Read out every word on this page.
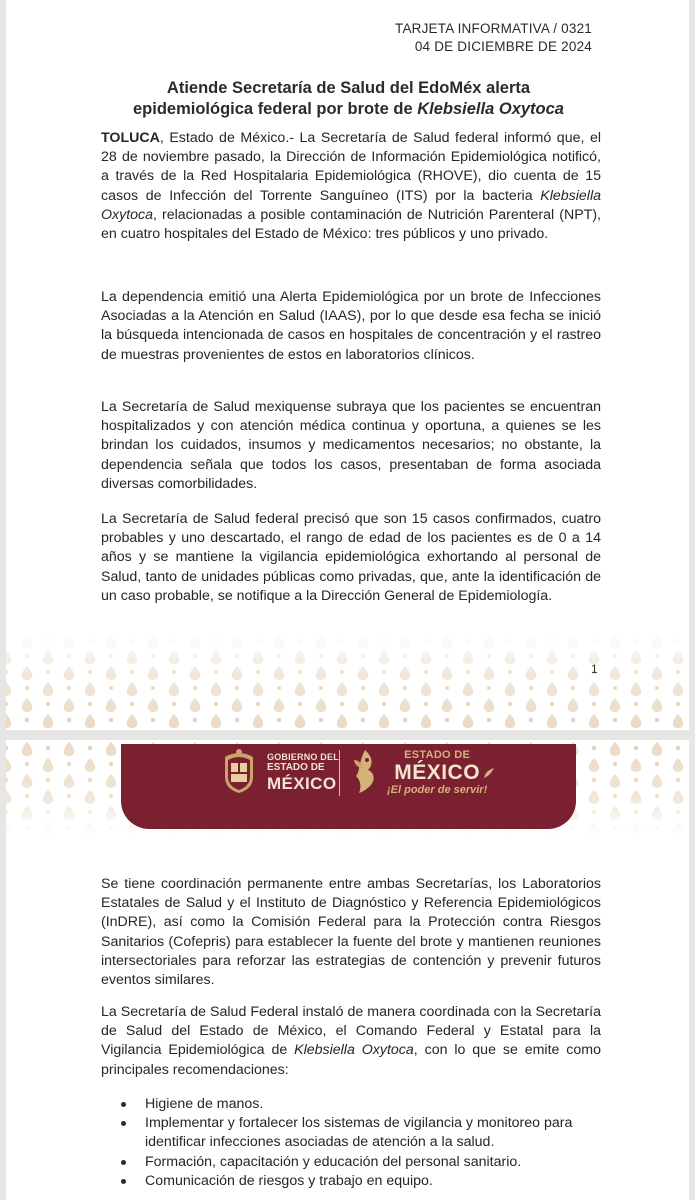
TARJETA INFORMATIVA / 0321
04 DE DICIEMBRE DE 2024
Atiende Secretaría de Salud del EdoMéx alerta
epidemiológica federal por brote de Klebsiella Oxytoca

TOLUCA, Estado de México.- La Secretaría de Salud federal informó que, el 28 de noviembre pasado, la Dirección de Información Epidemiológica notificó, a través de la Red Hospitalaria Epidemiológica (RHOVE), dio cuenta de 15 casos de Infección del Torrente Sanguíneo (ITS) por la bacteria Klebsiella Oxytoca, relacionadas a posible contaminación de Nutrición Parenteral (NPT), en cuatro hospitales del Estado de México: tres públicos y uno privado.

La dependencia emitió una Alerta Epidemiológica por un brote de Infecciones Asociadas a la Atención en Salud (IAAS), por lo que desde esa fecha se inició la búsqueda intencionada de casos en hospitales de concentración y el rastreo de muestras provenientes de estos en laboratorios clínicos.

La Secretaría de Salud mexiquense subraya que los pacientes se encuentran hospitalizados y con atención médica continua y oportuna, a quienes se les brindan los cuidados, insumos y medicamentos necesarios; no obstante, la dependencia señala que todos los casos, presentaban de forma asociada diversas comorbilidades.

La Secretaría de Salud federal precisó que son 15 casos confirmados, cuatro probables y uno descartado, el rango de edad de los pacientes es de 0 a 14 años y se mantiene la vigilancia epidemiológica exhortando al personal de Salud, tanto de unidades públicas como privadas, que, ante la identificación de un caso probable, se notifique a la Dirección General de Epidemiología.

1
GOBIERNO DEL
ESTADO DE
MÉXICO
ESTADO DE
MÉXICO
¡El poder de servir!

Se tiene coordinación permanente entre ambas Secretarías, los Laboratorios Estatales de Salud y el Instituto de Diagnóstico y Referencia Epidemiológicos (InDRE), así como la Comisión Federal para la Protección contra Riesgos Sanitarios (Cofepris) para establecer la fuente del brote y mantienen reuniones intersectoriales para reforzar las estrategias de contención y prevenir futuros eventos similares.

La Secretaría de Salud Federal instaló de manera coordinada con la Secretaría de Salud del Estado de México, el Comando Federal y Estatal para la Vigilancia Epidemiológica de Klebsiella Oxytoca, con lo que se emite como principales recomendaciones:

Higiene de manos.
Implementar y fortalecer los sistemas de vigilancia y monitoreo para identificar infecciones asociadas de atención a la salud.
Formación, capacitación y educación del personal sanitario.
Comunicación de riesgos y trabajo en equipo.
